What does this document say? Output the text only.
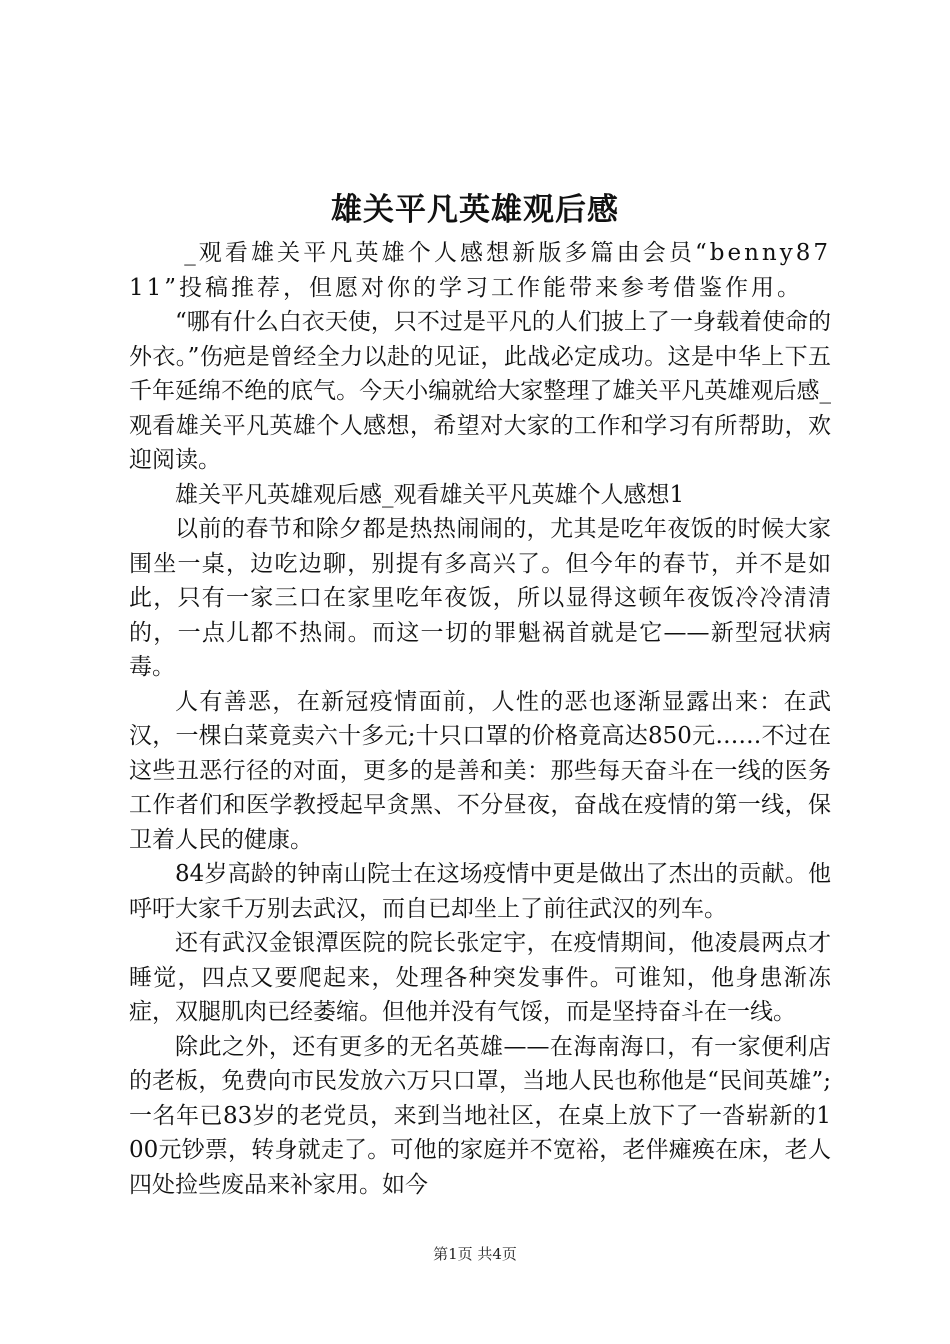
雄关平凡英雄观后感

_观看雄关平凡英雄个人感想新版多篇由会员“benny8711”投稿推荐，但愿对你的学习工作能带来参考借鉴作用。

“哪有什么白衣天使，只不过是平凡的人们披上了一身载着使命的外衣。”伤疤是曾经全力以赴的见证，此战必定成功。这是中华上下五千年延绵不绝的底气。今天小编就给大家整理了雄关平凡英雄观后感_观看雄关平凡英雄个人感想，希望对大家的工作和学习有所帮助，欢迎阅读。

雄关平凡英雄观后感_观看雄关平凡英雄个人感想1

以前的春节和除夕都是热热闹闹的，尤其是吃年夜饭的时候大家围坐一桌，边吃边聊，别提有多高兴了。但今年的春节，并不是如此，只有一家三口在家里吃年夜饭，所以显得这顿年夜饭冷冷清清的，一点儿都不热闹。而这一切的罪魁祸首就是它——新型冠状病毒。

人有善恶，在新冠疫情面前，人性的恶也逐渐显露出来：在武汉，一棵白菜竟卖六十多元;十只口罩的价格竟高达850元……不过在这些丑恶行径的对面，更多的是善和美：那些每天奋斗在一线的医务工作者们和医学教授起早贪黑、不分昼夜，奋战在疫情的第一线，保卫着人民的健康。

84岁高龄的钟南山院士在这场疫情中更是做出了杰出的贡献。他呼吁大家千万别去武汉，而自已却坐上了前往武汉的列车。

还有武汉金银潭医院的院长张定宇，在疫情期间，他凌晨两点才睡觉，四点又要爬起来，处理各种突发事件。可谁知，他身患渐冻症，双腿肌肉已经萎缩。但他并没有气馁，而是坚持奋斗在一线。

除此之外，还有更多的无名英雄——在海南海口，有一家便利店的老板，免费向市民发放六万只口罩，当地人民也称他是“民间英雄”;一名年已83岁的老党员，来到当地社区，在桌上放下了一沓崭新的100元钞票，转身就走了。可他的家庭并不宽裕，老伴瘫痪在床，老人四处捡些废品来补家用。如今

第1页 共4页
